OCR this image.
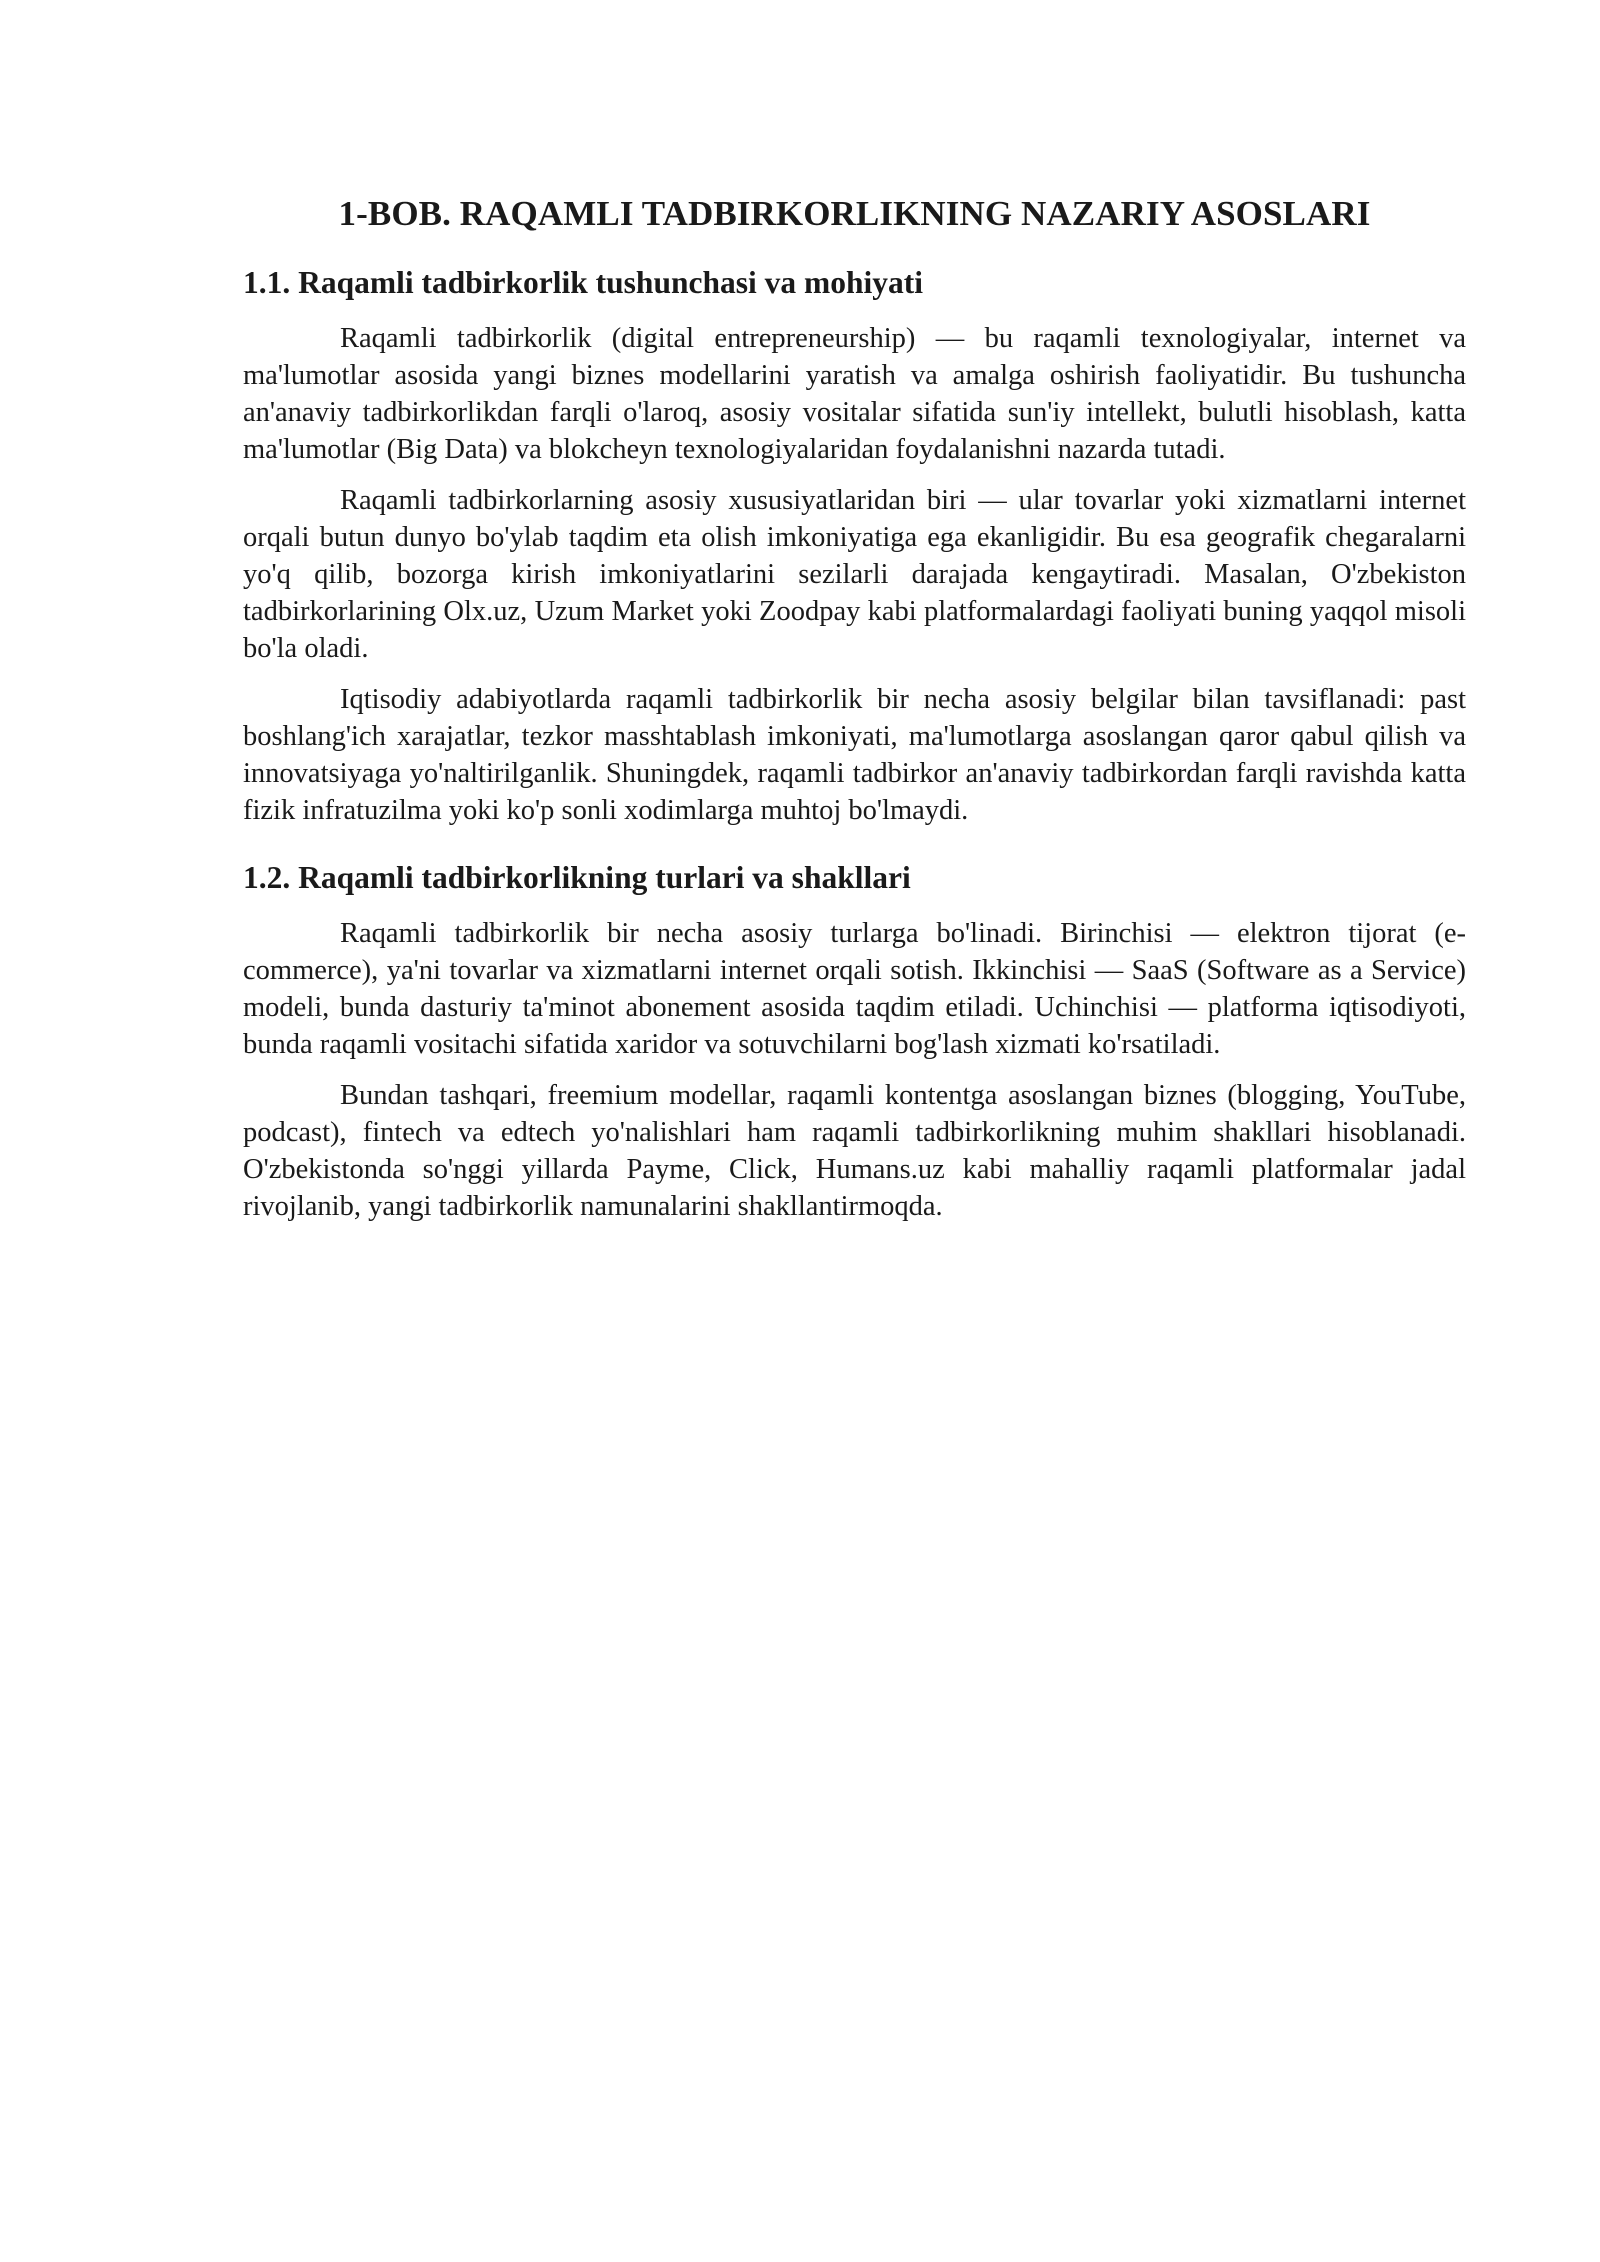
1-BOB. RAQAMLI TADBIRKORLIKNING NAZARIY ASOSLARI
1.1. Raqamli tadbirkorlik tushunchasi va mohiyati

Raqamli tadbirkorlik (digital entrepreneurship) — bu raqamli texnologiyalar, internet va ma'lumotlar asosida yangi biznes modellarini yaratish va amalga oshirish faoliyatidir. Bu tushuncha an'anaviy tadbirkorlikdan farqli o'laroq, asosiy vositalar sifatida sun'iy intellekt, bulutli hisoblash, katta ma'lumotlar (Big Data) va blokcheyn texnologiyalaridan foydalanishni nazarda tutadi.

Raqamli tadbirkorlarning asosiy xususiyatlaridan biri — ular tovarlar yoki xizmatlarni internet orqali butun dunyo bo'ylab taqdim eta olish imkoniyatiga ega ekanligidir. Bu esa geografik chegaralarni yo'q qilib, bozorga kirish imkoniyatlarini sezilarli darajada kengaytiradi. Masalan, O'zbekiston tadbirkorlarining Olx.uz, Uzum Market yoki Zoodpay kabi platformalardagi faoliyati buning yaqqol misoli bo'la oladi.

Iqtisodiy adabiyotlarda raqamli tadbirkorlik bir necha asosiy belgilar bilan tavsiflanadi: past boshlang'ich xarajatlar, tezkor masshtablash imkoniyati, ma'lumotlarga asoslangan qaror qabul qilish va innovatsiyaga yo'naltirilganlik. Shuningdek, raqamli tadbirkor an'anaviy tadbirkordan farqli ravishda katta fizik infratuzilma yoki ko'p sonli xodimlarga muhtoj bo'lmaydi.

1.2. Raqamli tadbirkorlikning turlari va shakllari

Raqamli tadbirkorlik bir necha asosiy turlarga bo'linadi. Birinchisi — elektron tijorat (e-commerce), ya'ni tovarlar va xizmatlarni internet orqali sotish. Ikkinchisi — SaaS (Software as a Service) modeli, bunda dasturiy ta'minot abonement asosida taqdim etiladi. Uchinchisi — platforma iqtisodiyoti, bunda raqamli vositachi sifatida xaridor va sotuvchilarni bog'lash xizmati ko'rsatiladi.

Bundan tashqari, freemium modellar, raqamli kontentga asoslangan biznes (blogging, YouTube, podcast), fintech va edtech yo'nalishlari ham raqamli tadbirkorlikning muhim shakllari hisoblanadi. O'zbekistonda so'nggi yillarda Payme, Click, Humans.uz kabi mahalliy raqamli platformalar jadal rivojlanib, yangi tadbirkorlik namunalarini shakllantirmoqda.
